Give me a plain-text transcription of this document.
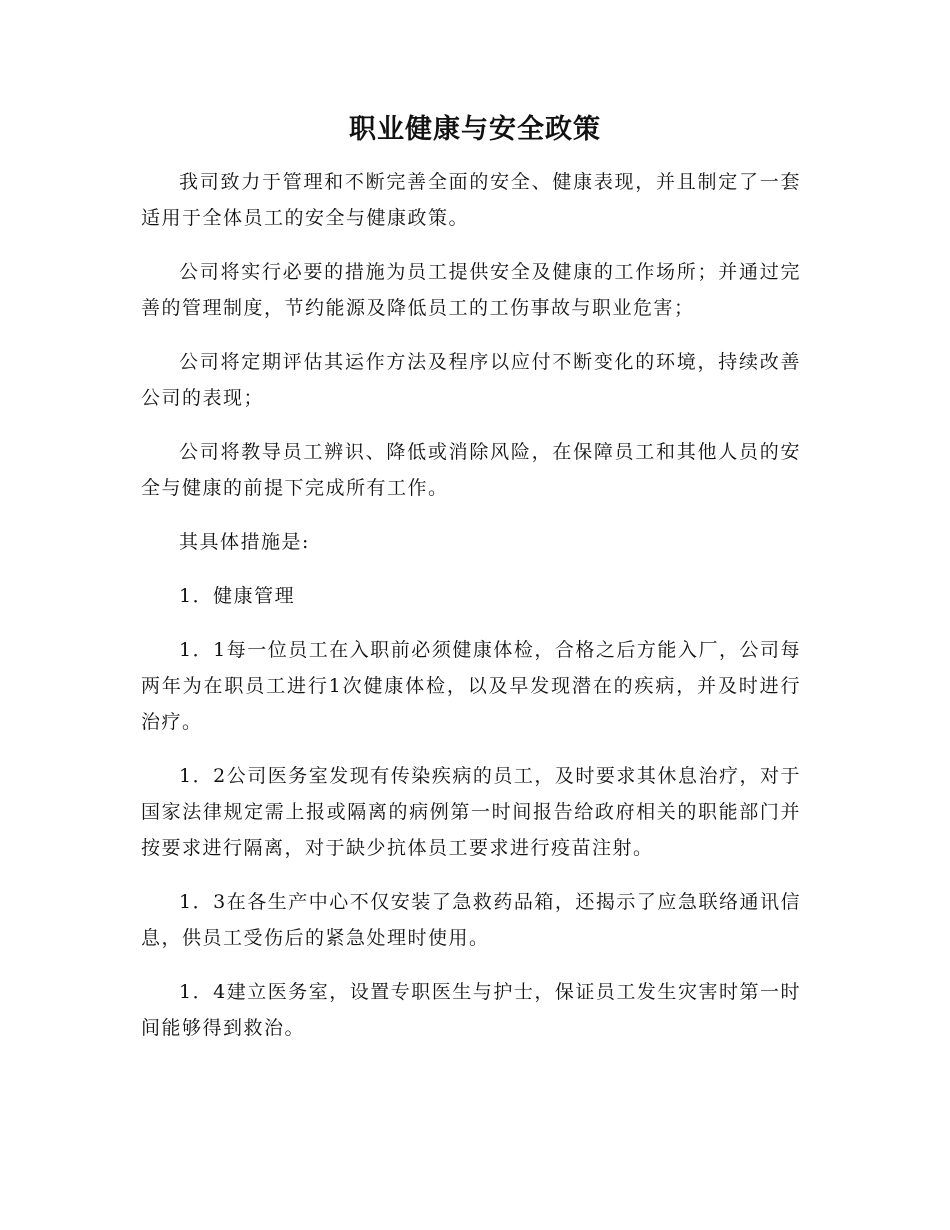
职业健康与安全政策

我司致力于管理和不断完善全面的安全、健康表现，并且制定了一套适用于全体员工的安全与健康政策。

公司将实行必要的措施为员工提供安全及健康的工作场所；并通过完善的管理制度，节约能源及降低员工的工伤事故与职业危害；

公司将定期评估其运作方法及程序以应付不断变化的环境，持续改善公司的表现；

公司将教导员工辨识、降低或消除风险，在保障员工和其他人员的安全与健康的前提下完成所有工作。

其具体措施是:

1．健康管理

1．1每一位员工在入职前必须健康体检，合格之后方能入厂，公司每两年为在职员工进行1次健康体检，以及早发现潜在的疾病，并及时进行治疗。

1．2公司医务室发现有传染疾病的员工，及时要求其休息治疗，对于国家法律规定需上报或隔离的病例第一时间报告给政府相关的职能部门并按要求进行隔离，对于缺少抗体员工要求进行疫苗注射。

1．3在各生产中心不仅安装了急救药品箱，还揭示了应急联络通讯信息，供员工受伤后的紧急处理时使用。

1．4建立医务室，设置专职医生与护士，保证员工发生灾害时第一时间能够得到救治。
